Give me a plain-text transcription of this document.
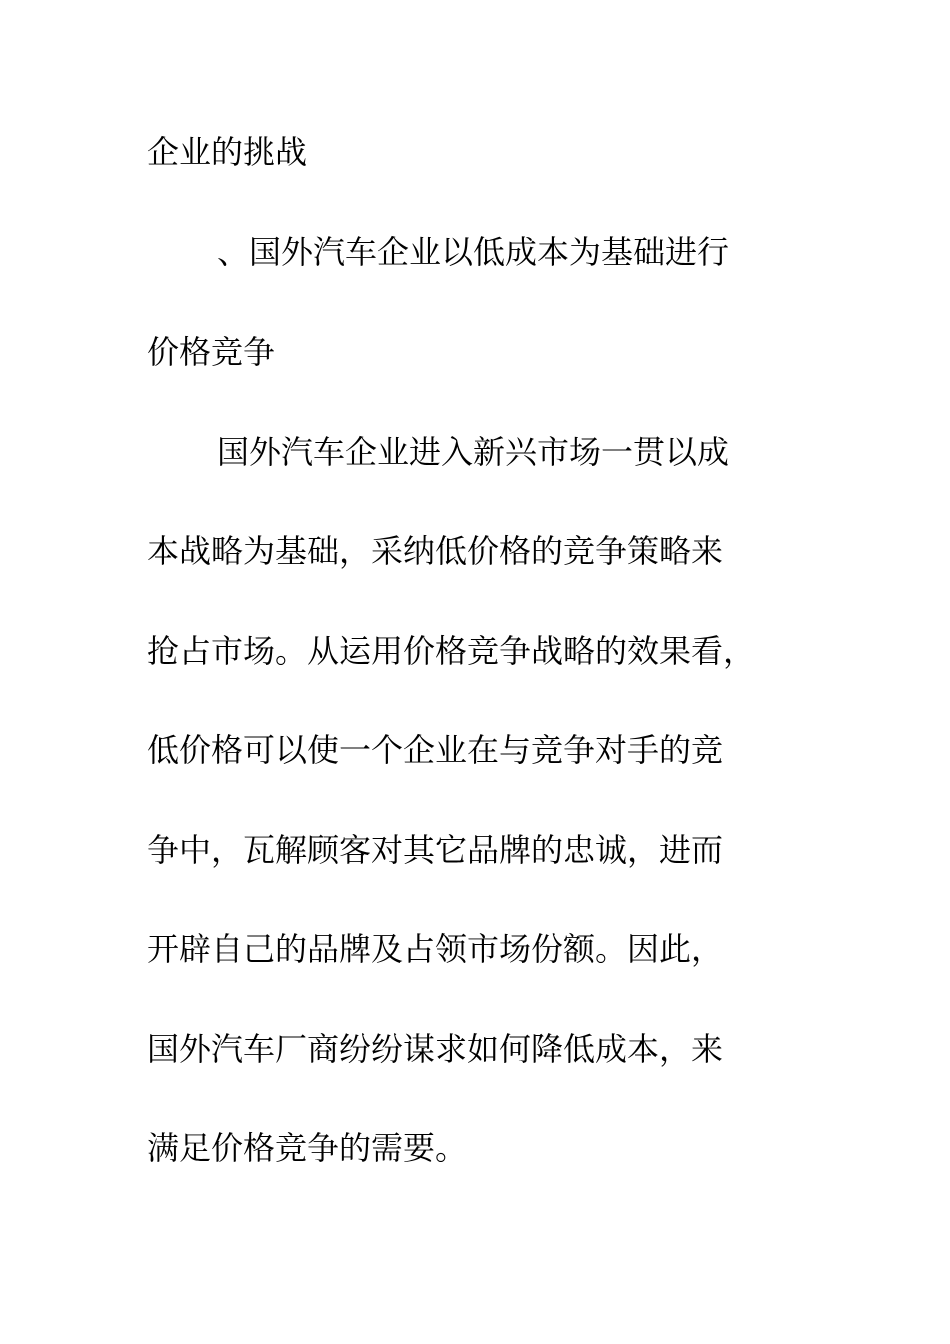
企业的挑战
、国外汽车企业以低成本为基础进行
价格竞争
国外汽车企业进入新兴市场一贯以成
本战略为基础，采纳低价格的竞争策略来
抢占市场。从运用价格竞争战略的效果看，
低价格可以使一个企业在与竞争对手的竞
争中，瓦解顾客对其它品牌的忠诚，进而
开辟自己的品牌及占领市场份额。因此，
国外汽车厂商纷纷谋求如何降低成本，来
满足价格竞争的需要。
